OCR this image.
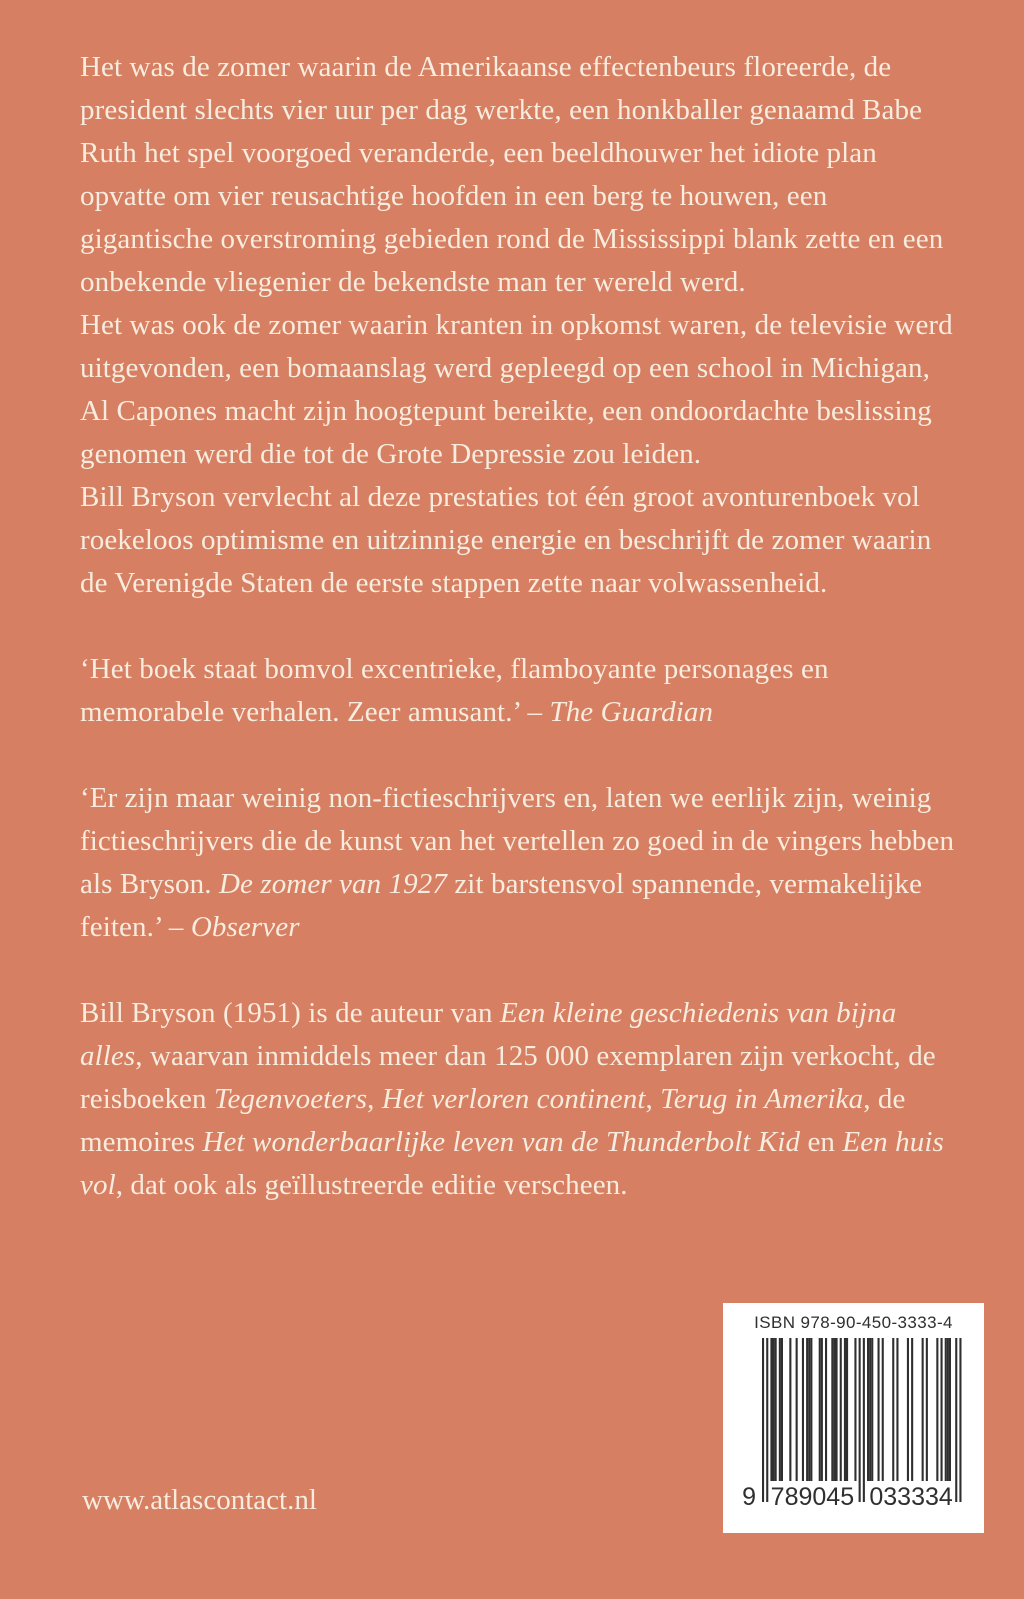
Het was de zomer waarin de Amerikaanse effectenbeurs floreerde, de president slechts vier uur per dag werkte, een honkballer genaamd Babe Ruth het spel voorgoed veranderde, een beeldhouwer het idiote plan opvatte om vier reusachtige hoofden in een berg te houwen, een gigantische overstroming gebieden rond de Mississippi blank zette en een onbekende vliegenier de bekendste man ter wereld werd.

Het was ook de zomer waarin kranten in opkomst waren, de televisie werd uitgevonden, een bomaanslag werd gepleegd op een school in Michigan, Al Capones macht zijn hoogtepunt bereikte, een ondoordachte beslissing genomen werd die tot de Grote Depressie zou leiden.

Bill Bryson vervlecht al deze prestaties tot één groot avonturenboek vol roekeloos optimisme en uitzinnige energie en beschrijft de zomer waarin de Verenigde Staten de eerste stappen zette naar volwassenheid.

‘Het boek staat bomvol excentrieke, flamboyante personages en memorabele verhalen. Zeer amusant.’ – The Guardian

‘Er zijn maar weinig non-fictieschrijvers en, laten we eerlijk zijn, weinig fictieschrijvers die de kunst van het vertellen zo goed in de vingers hebben als Bryson. De zomer van 1927 zit barstensvol spannende, vermakelijke feiten.’ – Observer

Bill Bryson (1951) is de auteur van Een kleine geschiedenis van bijna alles, waarvan inmiddels meer dan 125 000 exemplaren zijn verkocht, de reisboeken Tegenvoeters, Het verloren continent, Terug in Amerika, de memoires Het wonderbaarlijke leven van de Thunderbolt Kid en Een huis vol, dat ook als geïllustreerde editie verscheen.

www.atlascontact.nl
ISBN 978-90-450-3333-4
9 789045 033334
